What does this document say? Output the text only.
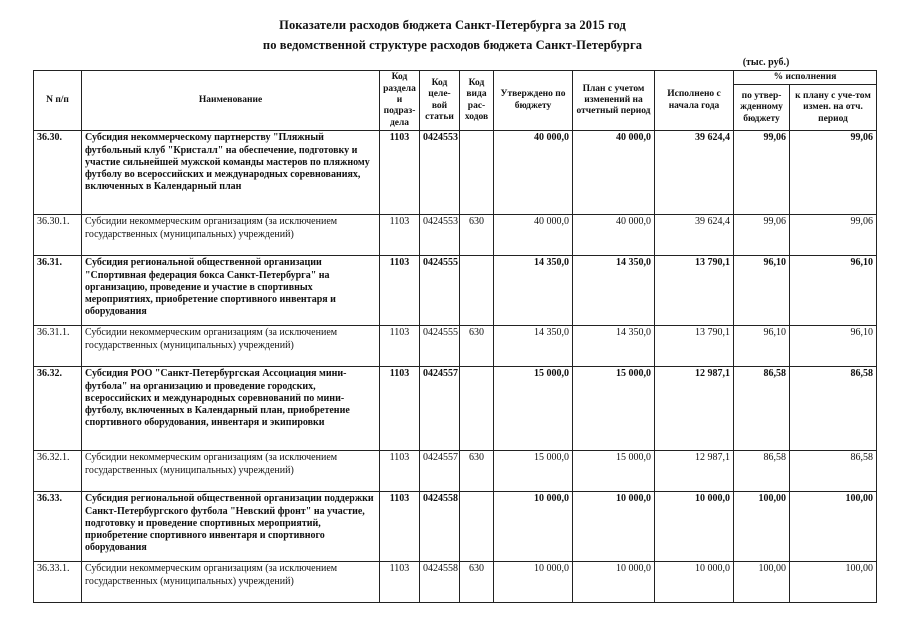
Показатели расходов бюджета Санкт-Петербурга за 2015 год
по ведомственной структуре расходов бюджета Санкт-Петербурга
(тыс. руб.)
N п/п	Наименование	Код раздела и подраз-дела	Код целе-вой статьи	Код вида рас-ходов	Утверждено по бюджету	План с учетом изменений на отчетный период	Исполнено с начала года	% исполнения	
								по утвер-жденному бюджету	к плану с уче-том измен. на отч. период
36.30.	Субсидия некоммерческому партнерству "Пляжный футбольный клуб "Кристалл" на обеспечение, подготовку и участие сильнейшей мужской команды мастеров по пляжному футболу во всероссийских и международных соревнованиях, включенных в Календарный план	1103	0424553		40 000,0	40 000,0	39 624,4	99,06	99,06
36.30.1.	Субсидии некоммерческим организациям (за исключением государственных (муниципальных) учреждений)	1103	0424553	630	40 000,0	40 000,0	39 624,4	99,06	99,06
36.31.	Субсидия региональной общественной организации "Спортивная федерация бокса Санкт-Петербурга" на организацию, проведение и участие в спортивных мероприятиях, приобретение спортивного инвентаря и оборудования	1103	0424555		14 350,0	14 350,0	13 790,1	96,10	96,10
36.31.1.	Субсидии некоммерческим организациям (за исключением государственных (муниципальных) учреждений)	1103	0424555	630	14 350,0	14 350,0	13 790,1	96,10	96,10
36.32.	Субсидия РОО "Санкт-Петербургская Ассоциация мини-футбола" на организацию и проведение городских, всероссийских и международных соревнований по мини-футболу, включенных в Календарный план, приобретение спортивного оборудования, инвентаря и экипировки	1103	0424557		15 000,0	15 000,0	12 987,1	86,58	86,58
36.32.1.	Субсидии некоммерческим организациям (за исключением государственных (муниципальных) учреждений)	1103	0424557	630	15 000,0	15 000,0	12 987,1	86,58	86,58
36.33.	Субсидия региональной общественной организации поддержки Санкт-Петербургского футбола "Невский фронт" на участие, подготовку и проведение спортивных мероприятий, приобретение спортивного инвентаря и спортивного оборудования	1103	0424558		10 000,0	10 000,0	10 000,0	100,00	100,00
36.33.1.	Субсидии некоммерческим организациям (за исключением государственных (муниципальных) учреждений)	1103	0424558	630	10 000,0	10 000,0	10 000,0	100,00	100,00
